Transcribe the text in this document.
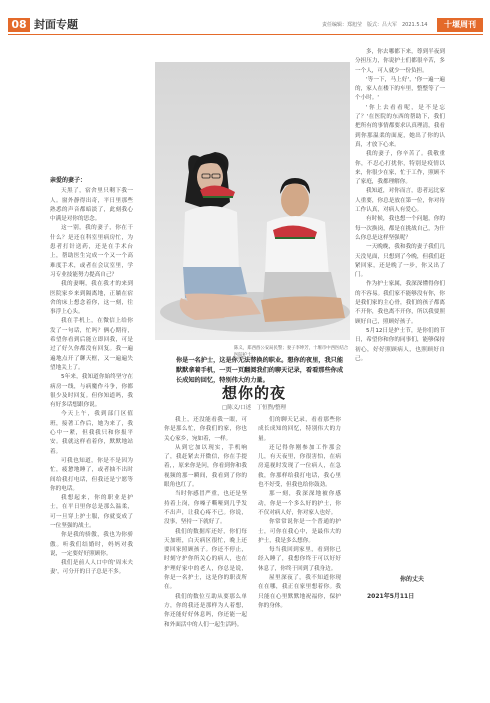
08 封面专题	责任编辑：郑旭莹　版式：吕大军　2021.5.14	十堰周刊
亲爱的妻子：

天黑了，宿舍里只剩下我一人。窗外静得出奇，平日里那些熟悉的声音都暗淡了，此刻我心中满是对你的思念。

这一别，我的妻子，你在干什么？是还在科室里病房忙，为患者打针送药，还是在手术台上，帮助医生完成一个又一个高难度手术，或者在会议室里，学习专业技能努力提高自己？

我的妻啊，我在我才的来到医院家乡来到隔离地，正躺在宿舍的床上想念着你，这一刻，往事浮上心头。

我在手机上，在微信上给你发了一句话，忙吗？俩心期待，希望你看到后能立即回我，可是过了好久你都没有回复。我一遍遍地点开了聊天框，又一遍遍失望地关上了。

5年来，我知道你始终坚守在病房一线，与病魔作斗争，你都很少及时回复。但你知道吗，我有好多话想跟你说。

今天上午，我到部门区值班，接著工作后，她为来了，我心中一紧，但我我只和你报平安。我就这样看着你，默默地站着。

可我也知道，你是不是因为忙，疲惫地睡了，或者抽不出时间给我打电话，但我还是宁愿等你的电话。

我想起来，你的职业是护士，在平日里你总是那么温柔，可一旦穿上护士服，你就变成了一位坚强的战士。

你是我的骄傲，我也为你骄傲。听我们结婚时，妈妈对我说，一定要好好照顾你。

我们是前人人口中的'周末夫妻'，可分开的日子总是不多。

陈义，郑西酉公安局民警；妻子李坤芳，十堰市中西医结合医院护士。
你是一名护士，这是你无法替换的职业。想你的夜里，我只能默默拿着手机，一页一页翻阅我们的聊天记录，看看那些你成长成知的回忆，特别伟大的力量。
想你的夜
□陈义/口述　丁恒煦/整理

我上，还没能看我一眼，可你是那么忙，你我们的家，你也关心家乡，宛如着，一样。

从到它加以现实，手机响了，我赶紧去开微信，你在手提着，，原来你是问，你看到你和我视频的那一瞬间，我看到了你的眼角也红了。

当时你感冒严重，也还是坚持着上岗，你嗓子嘶哑到几乎发不出声，让我心疼不已。你说，没事，坚持一下就好了。

我们的数据库还好，你们每天加班，白天病区很忙，晚上还要回家照顾孩子。你还不停止，时刻守护你所关心的病人，也在护理好家中的老人，你总是说，你是一名护士，这是你的职责所在。

我们的数位互助从要那么单方，你的我还是那样为人着想，你还能好好休息吗，你还能一起和外面活中的人们一起生活吗。

们的聊天记录，看看那些你成长成知的回忆，特别伟大的力量。

还记得你刚参加工作那会儿，有天夜里，你很害怕，在病房巡视时发现了一位病人，在急救，你那样给我打电话，我心里也不好受，但我也给你鼓劲。

那一刻，我深深地被你感动，你是一个多么好的护士，你不仅对病人好，你对家人也好。

你常常说你是一个普通的护士，可你在我心中，是最伟大的护士，我是多么想你。

每当我回到家里，看到你已经入睡了，我想你终于可以好好休息了，你终于回到了我身边。

屋里深夜了，我不知道你现在在哪，我正在家里想着你。我只能在心里默默地祝福你，保护你的身体。

多，你去哪都下来，尊到半夜到分担压力，你说护士们都很辛苦，多一个人，可人就少一份负担。

'等一下，马上好'，'你一遍一遍的，家人在楼下的车里，整整等了一个小时。'

'你上去看看呢，是不是忘了？'在医院的东西的帮助下，我们把所有的事情都要求认真理清，我看到你那温柔的面庞，她出了你的认真，才放下心来。

我的妻子，你辛苦了。我敬重你，不忍心打扰你，特别是疫情以来，你很少在家，忙于工作，照顾不了家庭，我都理解你。

我知道，对你而言，患者远比家人重要，你总是放在第一位，你对待工作认真，对病人有爱心。

有时候，我也想一个问题，你的每一次换岗，都是在挑战自己，为什么你总是这样坚强呢？

一天晚晚，我和我的妻子我们几天没见面，只想到了今晚，但我们赶紧回家，还是晚了一步，你又出了门。

作为护士家属，我深深懂得你们的不容易。我们家不能够没有你，你是我们家的主心骨，我们的孩子都离不开你，我也离不开你，所以我要照顾好自己，照顾好孩子。

5月12日是护士节，是你们的节日，希望你和你的同事们，能够保持初心，好好照顾病人，也照顾好自己。

你的丈夫
2021年5月11日
